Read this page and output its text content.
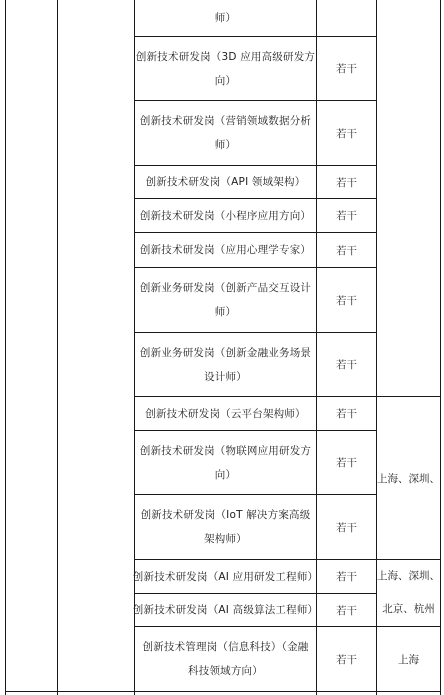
师）
创新技术研发岗（3D 应用高级研发方
向）
创新技术研发岗（营销领域数据分析
师）
创新技术研发岗（API 领域架构）
创新技术研发岗（小程序应用方向）
创新技术研发岗（应用心理学专家）
创新业务研发岗（创新产品交互设计
师）
创新业务研发岗（创新金融业务场景
设计师）
创新技术研发岗（云平台架构师）
创新技术研发岗（物联网应用研发方
向）
创新技术研发岗（IoT 解决方案高级
架构师）
创新技术研发岗（AI 应用研发工程师）
创新技术研发岗（AI 高级算法工程师）
创新技术管理岗（信息科技）（金融
科技领域方向）
若干
若干
若干
若干
若干
若干
若干
若干
若干
若干
若干
若干
若干
上海、深圳、
上海、深圳、
北京、杭州
上海
